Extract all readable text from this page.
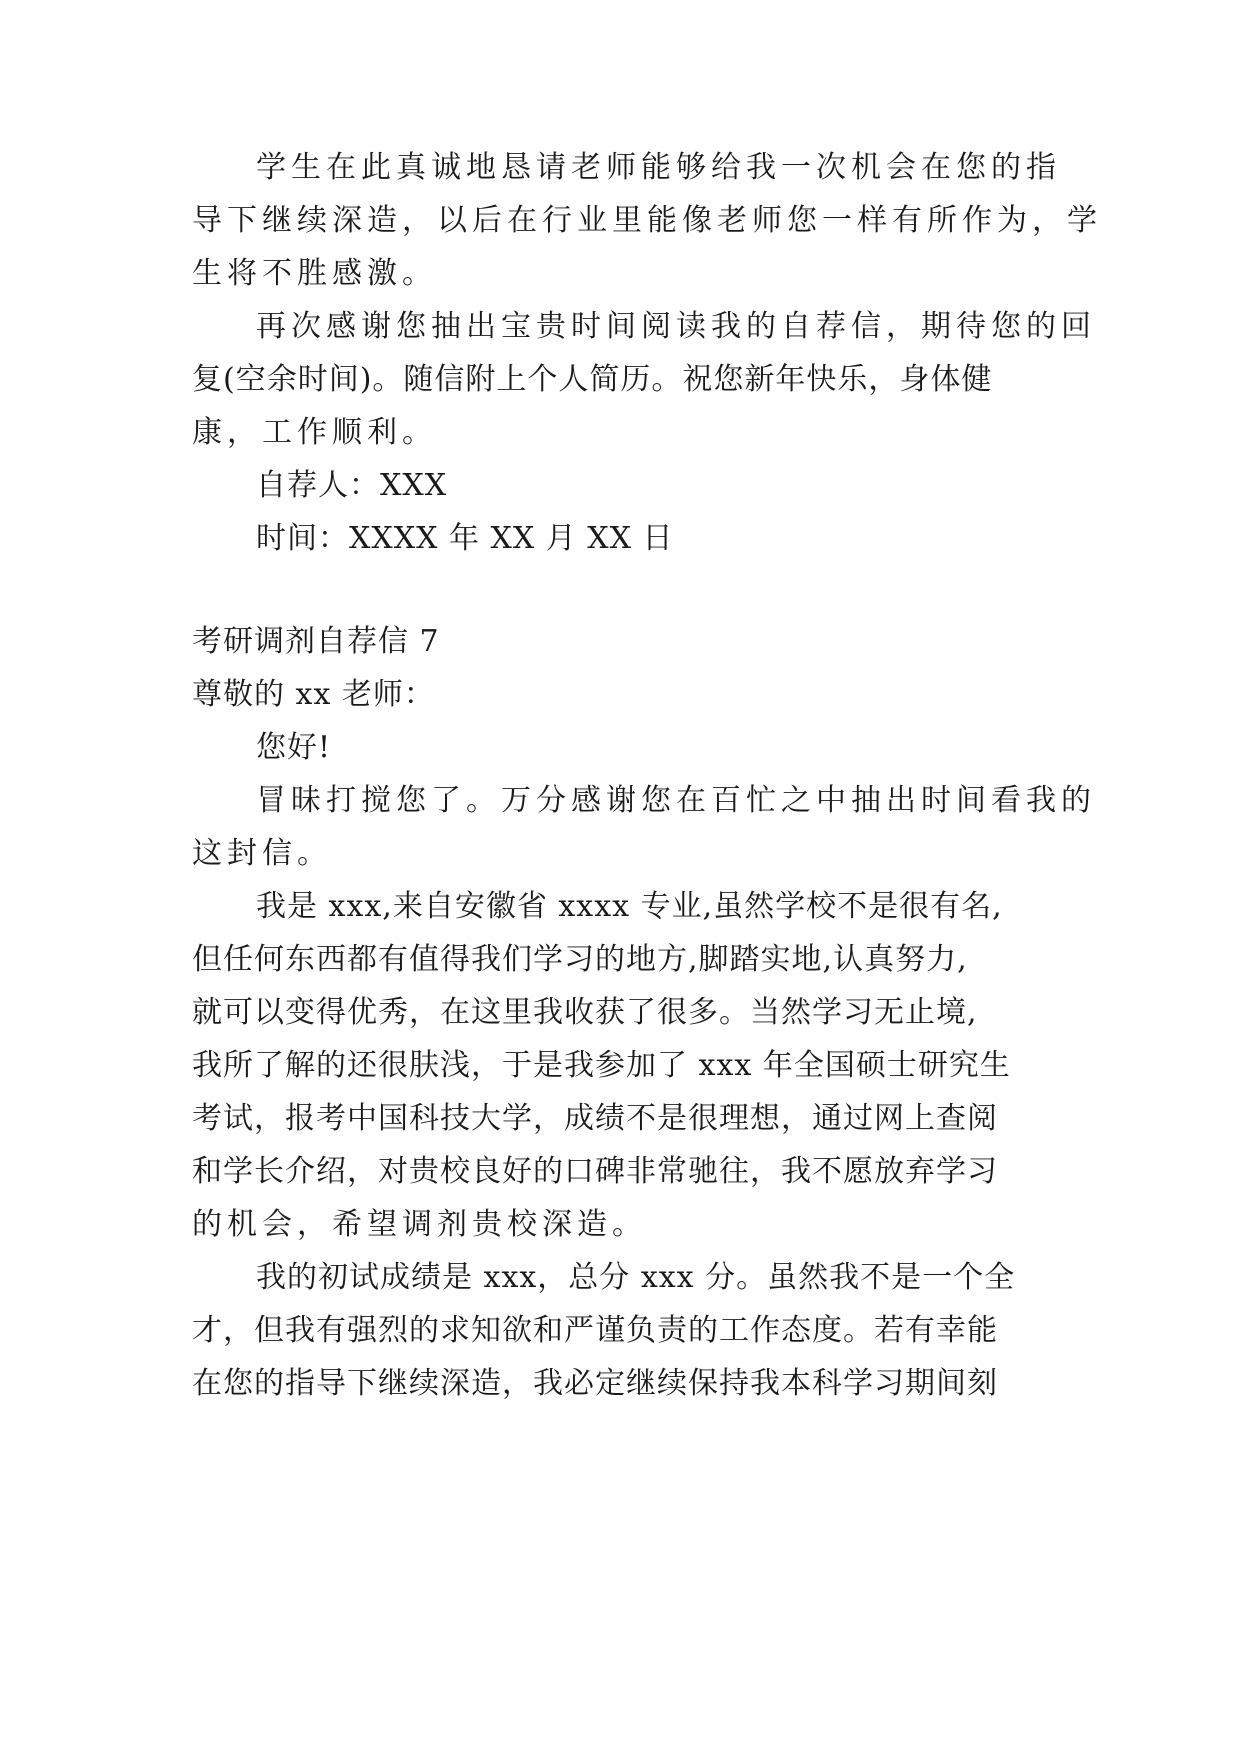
学生在此真诚地恳请老师能够给我一次机会在您的指
导下继续深造，以后在行业里能像老师您一样有所作为，学
生将不胜感激。
再次感谢您抽出宝贵时间阅读我的自荐信，期待您的回
复(空余时间)。随信附上个人简历。祝您新年快乐，身体健
康，工作顺利。
自荐人：XXX
时间：XXXX 年 XX 月 XX 日
考研调剂自荐信 7
尊敬的 xx 老师：
您好!
冒昧打搅您了。万分感谢您在百忙之中抽出时间看我的
这封信。
我是 xxx,来自安徽省 xxxx 专业,虽然学校不是很有名,
但任何东西都有值得我们学习的地方,脚踏实地,认真努力,
就可以变得优秀，在这里我收获了很多。当然学习无止境,
我所了解的还很肤浅，于是我参加了 xxx 年全国硕士研究生
考试，报考中国科技大学，成绩不是很理想，通过网上查阅
和学长介绍，对贵校良好的口碑非常驰往，我不愿放弃学习
的机会，希望调剂贵校深造。
我的初试成绩是 xxx，总分 xxx 分。虽然我不是一个全
才，但我有强烈的求知欲和严谨负责的工作态度。若有幸能
在您的指导下继续深造，我必定继续保持我本科学习期间刻
